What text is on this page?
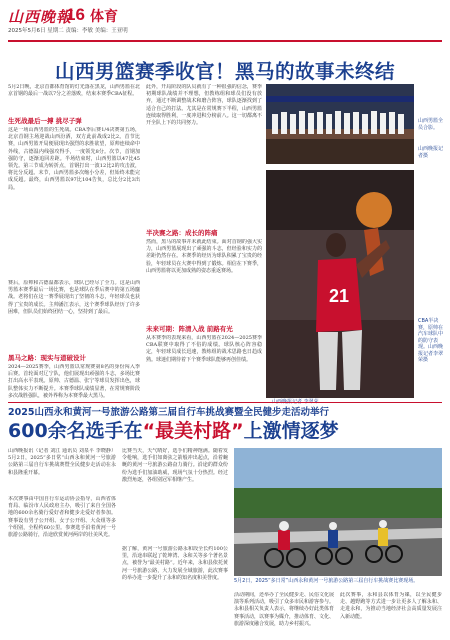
山西晚報
16 体育
2025年5月6日 星期二 责编：李敏 美编：王亚明
山西男篮赛季收官！黑马的故事未终结
5月2日晚，北京首都体育馆的灯光落在黑龙，山西男篮在北京首钢的最后一战以7分之差落败，结束本赛季CBA征程。
生死战最后一搏 挑尽子弹
这是一场山西男篮的生死战。CBA季后赛1/4决赛第五场，北京首钢主场迎战山西汾酒，双方此前战成2比2。首节比赛，山西男篮开局便展现出强烈的求胜欲望，原帅连续命中外线，古德温内线强攻得手，一度领先8分。次节，首钢加强防守，逐渐追回差距。半场结束时，山西男篮以47比45领先。第三节成为转折点，首钢打出一波12比2的攻击波，将比分反超。末节，山西男篮多次缩小分差，但始终未能完成反超。最终，山西男篮以97比104告负，总比分2比3出局。
赛后，原帅和古德温都表示，球队已经尽了全力。这是山西男篮本赛季最后一场比赛，也是球队在季后赛中的第五场鏖战。老将们在这一赛季展现出了坚韧的斗志，年轻球员也获得了宝贵的成长。主帅潘江表示，这个赛季球队经历了许多困难，但队员们始终团结一心，坚持到了最后。
黑马之路：现实与道破设计
2024—2025赛季，山西男篮以常规赛第8名的身份闯入季后赛。首轮面对辽宁队，他们展现出顽强的斗志，多场比赛打出高水平表现。原帅、古德温、张宁等球员发挥出色，球队整体实力不断提升。本赛季球队成绩显著，在常规赛阶段多次战胜强队，被外界称为本赛季最大黑马。
此外，开局阶段的队员就有了一种很强的信念，赛季初期球队战绩并不理想，但教练组和球员们没有放弃，通过不断调整战术和磨合阵容，球队逐渐找到了适合自己的打法。尤其是在常规赛下半程，山西男篮连续取得胜利，一度冲进积分榜前八。这一切都离不开全队上下的共同努力。
半决赛之路：成长的阵痛
然而，黑马的故事并未就此结束。面对首钢的强大实力，山西男篮展现出了顽强的斗志，但经验和实力的差距仍然存在。本赛季的经历为球队积累了宝贵的经验，年轻球员在大赛中得到了锻炼。相信在下赛季，山西男篮将以更加成熟的姿态重返赛场。
未来可期：阵清入战 前路有光
从本赛季的表现来看，山西男篮在2024—2025赛季CBA联赛中取得了不俗的成绩。球队核心阵容稳定，年轻球员成长迅速，教练组的战术思路也日趋成熟。球迷们期待着下个赛季球队能够再创佳绩。
山西男篮全员合影。
山西晚报记者摄
21
CBA半决赛，原帅在汽车球队中的防守表现。山西晚报记者李翠荣摄
2025山西永和黄河一号旅游公路第三届自行车挑战赛暨全民健步走活动举行
600余名选手在“最美村路”上激情逐梦
山西晚报讯（记者 刘江 通讯员 刘泉平 李晓静）5月2日，2025“多日常”山西永和黄河一号旅游公路第三届自行车挑战赛暨全民健步走活动在永和县隆重开幕。
本次赛事由中国自行车运动协会指导，山西省体育局、临汾市人民政府主办，吸引了来自全国各地的600余名骑行爱好者和健步走爱好者参加。赛事设有男子公开组、女子公开组、大众组等多个组别，全程约60公里。参赛选手沿着黄河一号旅游公路骑行，沿途欣赏黄河两岸的壮美风光。
比赛当天，天气晴好，选手们精神饱满。随着发令枪响，选手们如离弦之箭般冲出起点，沿着蜿蜒的黄河一号旅游公路奋力骑行。沿途的群众纷纷为选手们加油助威，现场气氛十分热烈。经过激烈角逐，各组别冠军相继产生。
据了解，黄河一号旅游公路永和段全长约100公里，沿途串联起了乾坤湾、永和关等多个著名景点，被誉为“最美村路”。近年来，永和县依托黄河一号旅游公路，大力发展全域旅游，此次赛事的举办进一步提升了永和的知名度和美誉度。
5月2日，2025“多日常”山西永和黄河一号旅游公路第三届自行车挑战赛比赛现场。
活动期间，还举办了全民健步走、民俗文化展演等系列活动，吸引了众多市民和游客参与。永和县相关负责人表示，将继续办好此类体育赛事活动，以赛事为媒介，推动体育、文化、旅游深度融合发展，助力乡村振兴。
此次赛事，永和县以体育为媒，以全民健步走、越野跑等方式进一步让更多人了解永和、走进永和，为推动当地经济社会高质量发展注入新动能。
